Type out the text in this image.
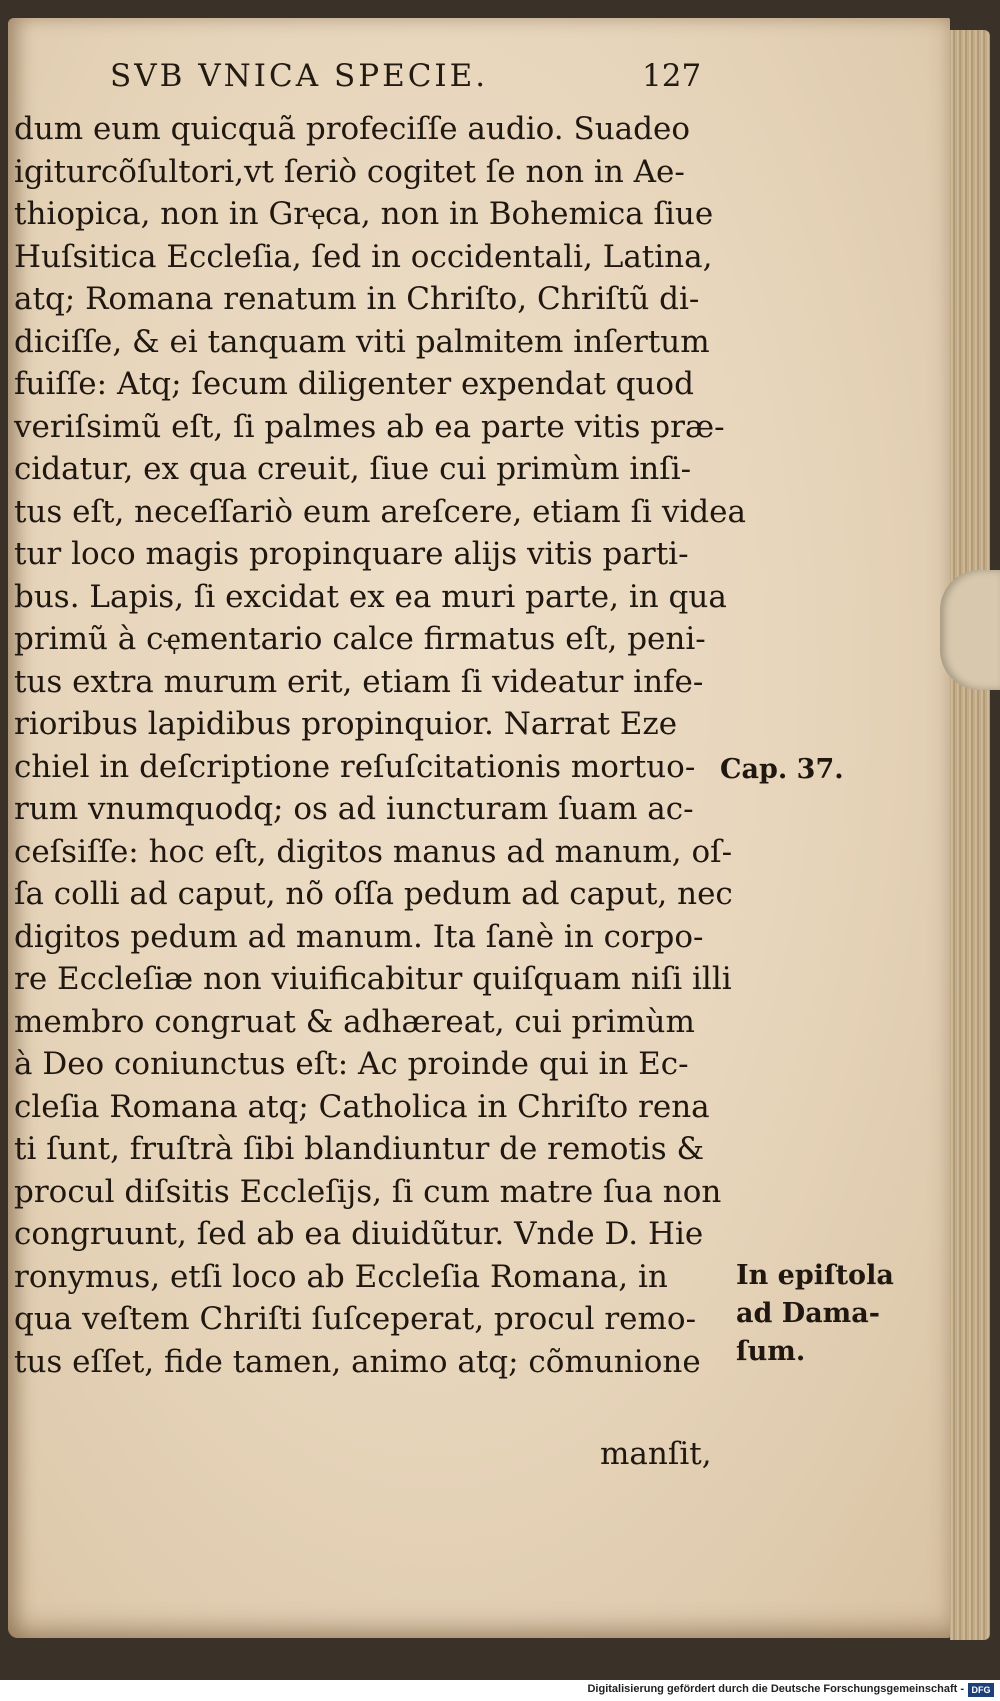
SVB VNICA SPECIE.	127
dum eum quicquã profeciſſe audio. Suadeo
igiturcõſultori,vt ſeriò cogitet ſe non in Ae-
thiopica, non in Grҿca, non in Bohemica ſiue
Huſsitica Eccleſia, ſed in occidentali, Latina,
atq; Romana renatum in Chriſto, Chriſtũ di-
diciſſe, & ei tanquam viti palmitem inſertum
fuiſſe: Atq; ſecum diligenter expendat quod
veriſsimũ eſt, ſi palmes ab ea parte vitis præ-
cidatur, ex qua creuit, ſiue cui primùm inſi-
tus eſt, neceſſariò eum areſcere, etiam ſi videa
tur loco magis propinquare alijs vitis parti-
bus. Lapis, ſi excidat ex ea muri parte, in qua
primũ à cҿmentario calce firmatus eſt, peni-
tus extra murum erit, etiam ſi videatur infe-
rioribus lapidibus propinquior. Narrat Eze
chiel in deſcriptione reſuſcitationis mortuo-
rum vnumquodq; os ad iuncturam ſuam ac-
ceſsiſſe: hoc eſt, digitos manus ad manum, oſ-
ſa colli ad caput, nõ oſſa pedum ad caput, nec
digitos pedum ad manum. Ita ſanè in corpo-
re Eccleſiæ non viuificabitur quiſquam niſi illi
membro congruat & adhæreat, cui primùm
à Deo coniunctus eſt: Ac proinde qui in Ec-
cleſia Romana atq; Catholica in Chriſto rena
ti ſunt, fruſtrà ſibi blandiuntur de remotis &
procul diſsitis Eccleſijs, ſi cum matre ſua non
congruunt, ſed ab ea diuidũtur. Vnde D. Hie
ronymus, etſi loco ab Eccleſia Romana, in
qua veſtem Chriſti ſuſceperat, procul remo-
tus eſſet, fide tamen, animo atq; cõmunione
manſit,
Cap. 37.
In epiſtola
ad Dama-
ſum.
Digitalisierung gefördert durch die Deutsche Forschungsgemeinschaft - DFG
